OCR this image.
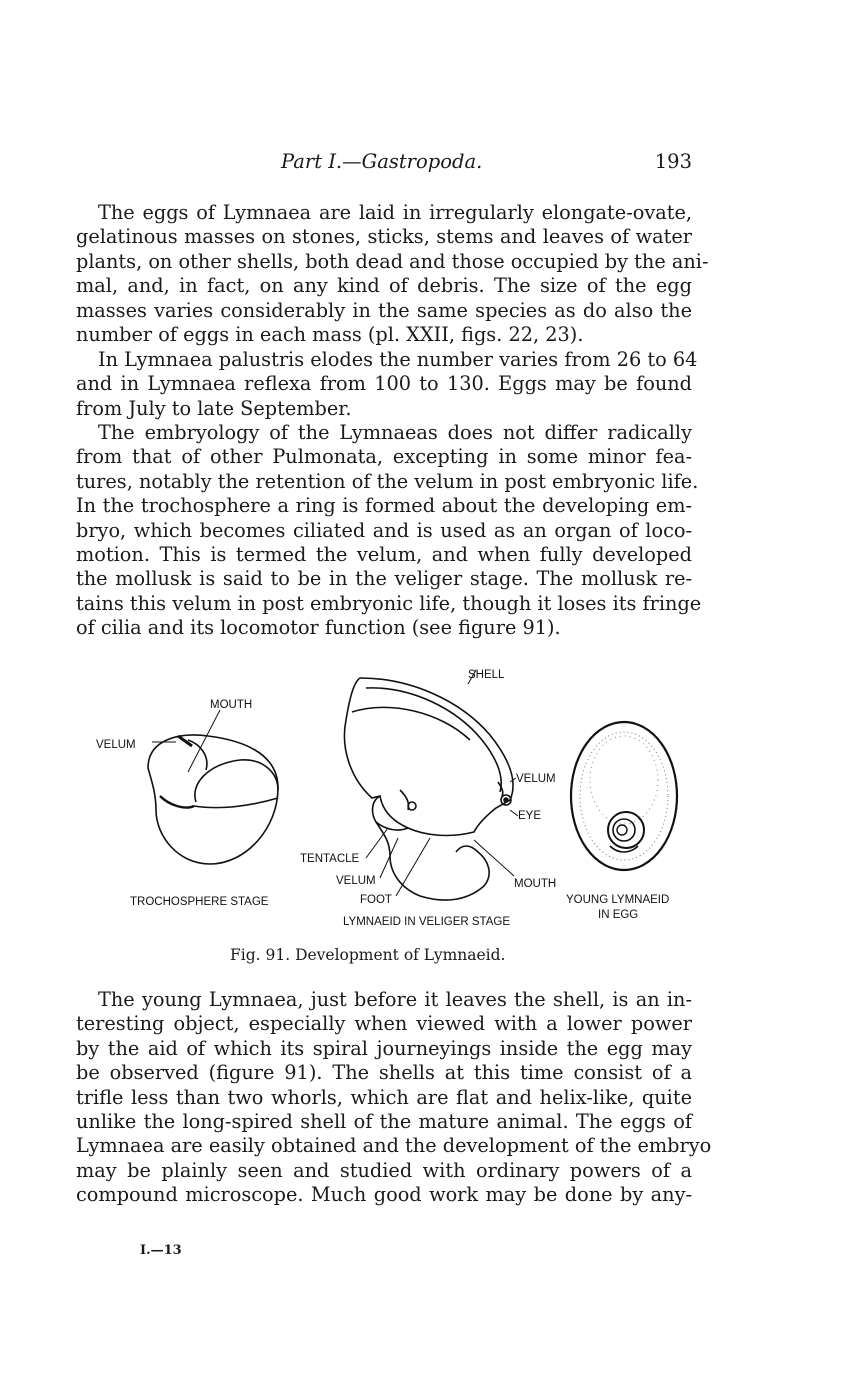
Part I.—Gastropoda.	193
The eggs of Lymnaea are laid in irregularly elongate-ovate,
gelatinous masses on stones, sticks, stems and leaves of water
plants, on other shells, both dead and those occupied by the ani-
mal, and, in fact, on any kind of debris. The size of the egg
masses varies considerably in the same species as do also the
number of eggs in each mass (pl. XXII, figs. 22, 23).
In Lymnaea palustris elodes the number varies from 26 to 64
and in Lymnaea reflexa from 100 to 130. Eggs may be found
from July to late September.
The embryology of the Lymnaeas does not differ radically
from that of other Pulmonata, excepting in some minor fea-
tures, notably the retention of the velum in post embryonic life.
In the trochosphere a ring is formed about the developing em-
bryo, which becomes ciliated and is used as an organ of loco-
motion. This is termed the velum, and when fully developed
the mollusk is said to be in the veliger stage. The mollusk re-
tains this velum in post embryonic life, though it loses its fringe
of cilia and its locomotor function (see figure 91).
MOUTH
VELUM
TROCHOSPHERE STAGE
SHELL
VELUM
EYE
TENTACLE
VELUM	MOUTH
FOOT
LYMNAEID IN VELIGER STAGE
YOUNG LYMNAEID
IN EGG
Fig. 91. Development of Lymnaeid.
The young Lymnaea, just before it leaves the shell, is an in-
teresting object, especially when viewed with a lower power
by the aid of which its spiral journeyings inside the egg may
be observed (figure 91). The shells at this time consist of a
trifle less than two whorls, which are flat and helix-like, quite
unlike the long-spired shell of the mature animal. The eggs of
Lymnaea are easily obtained and the development of the embryo
may be plainly seen and studied with ordinary powers of a
compound microscope. Much good work may be done by any-
I.—13
